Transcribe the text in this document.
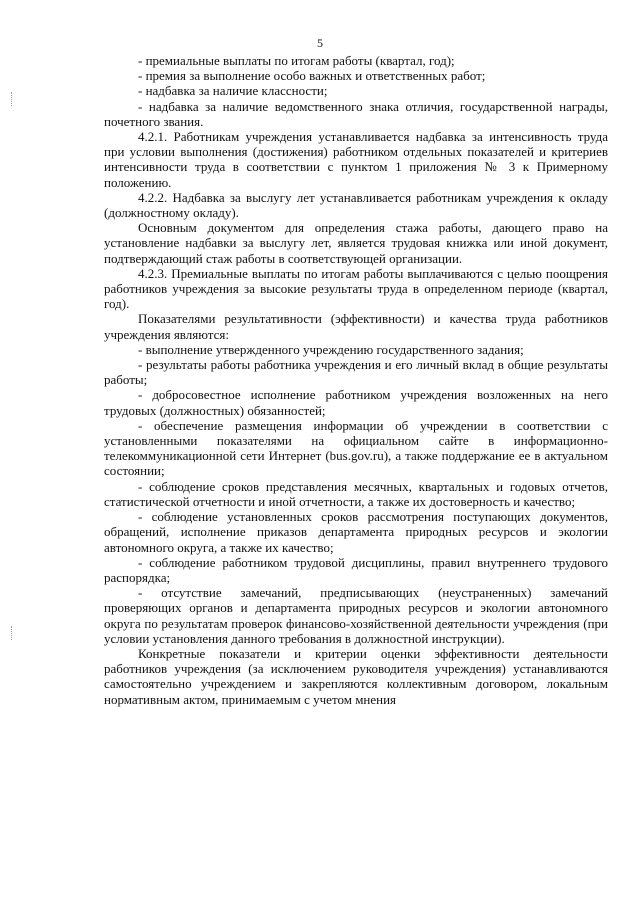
5

- премиальные выплаты по итогам работы (квартал, год);

- премия за выполнение особо важных и ответственных работ;

- надбавка за наличие классности;

- надбавка за наличие ведомственного знака отличия, государственной награды, почетного звания.

4.2.1. Работникам учреждения устанавливается надбавка за интенсивность труда при условии выполнения (достижения) работником отдельных показателей и критериев интенсивности труда в соответствии с пунктом 1 приложения № 3 к Примерному положению.

4.2.2. Надбавка за выслугу лет устанавливается работникам учреждения к окладу (должностному окладу).

Основным документом для определения стажа работы, дающего право на установление надбавки за выслугу лет, является трудовая книжка или иной документ, подтверждающий стаж работы в соответствующей организации.

4.2.3. Премиальные выплаты по итогам работы выплачиваются с целью поощрения работников учреждения за высокие результаты труда в определенном периоде (квартал, год).

Показателями результативности (эффективности) и качества труда работников учреждения являются:

- выполнение утвержденного учреждению государственного задания;

- результаты работы работника учреждения и его личный вклад в общие результаты работы;

- добросовестное исполнение работником учреждения возложенных на него трудовых (должностных) обязанностей;

- обеспечение размещения информации об учреждении в соответствии с установленными показателями на официальном сайте в информационно-телекоммуникационной сети Интернет (bus.gov.ru), а также поддержание ее в актуальном состоянии;

- соблюдение сроков представления месячных, квартальных и годовых отчетов, статистической отчетности и иной отчетности, а также их достоверность и качество;

- соблюдение установленных сроков рассмотрения поступающих документов, обращений, исполнение приказов департамента природных ресурсов и экологии автономного округа, а также их качество;

- соблюдение работником трудовой дисциплины, правил внутреннего трудового распорядка;

- отсутствие замечаний, предписывающих (неустраненных) замечаний проверяющих органов и департамента природных ресурсов и экологии автономного округа по результатам проверок финансово-хозяйственной деятельности учреждения (при условии установления данного требования в должностной инструкции).

Конкретные показатели и критерии оценки эффективности деятельности работников учреждения (за исключением руководителя учреждения) устанавливаются самостоятельно учреждением и закрепляются коллективным договором, локальным нормативным актом, принимаемым с учетом мнения
